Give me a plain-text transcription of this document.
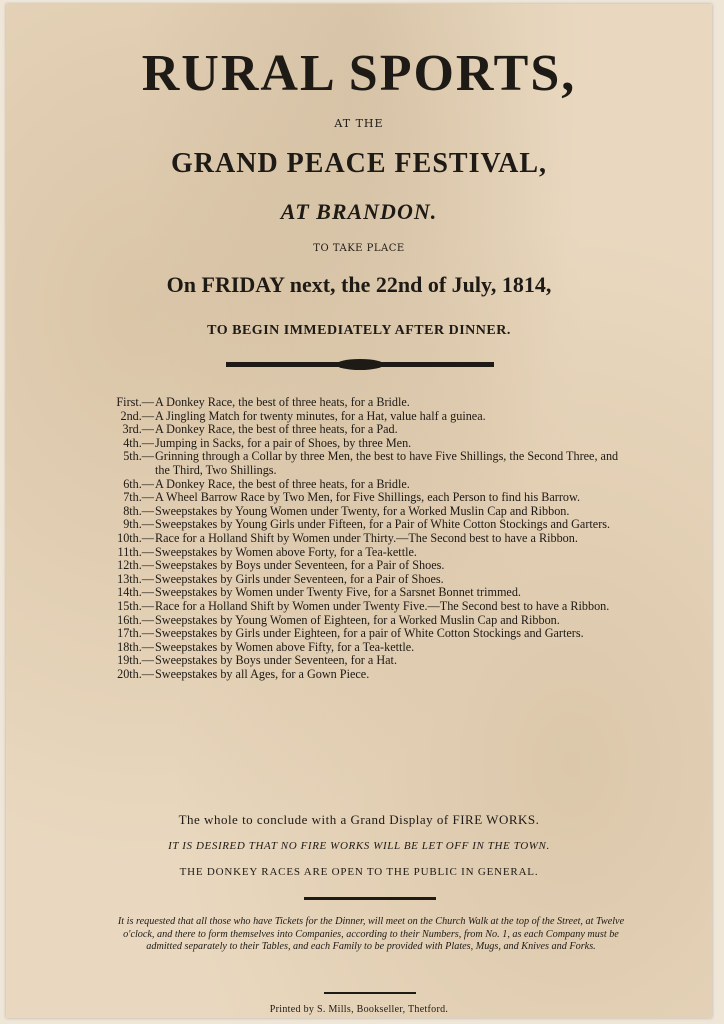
RURAL SPORTS,
AT THE
GRAND PEACE FESTIVAL,
AT BRANDON.
TO TAKE PLACE
On FRIDAY next, the 22nd of July, 1814,
TO BEGIN IMMEDIATELY AFTER DINNER.
First.— A Donkey Race, the best of three heats, for a Bridle.
2nd.— A Jingling Match for twenty minutes, for a Hat, value half a guinea.
3rd.— A Donkey Race, the best of three heats, for a Pad.
4th.— Jumping in Sacks, for a pair of Shoes, by three Men.
5th.— Grinning through a Collar by three Men, the best to have Five Shillings, the Second Three, and the Third, Two Shillings.
6th.— A Donkey Race, the best of three heats, for a Bridle.
7th.— A Wheel Barrow Race by Two Men, for Five Shillings, each Person to find his Barrow.
8th.— Sweepstakes by Young Women under Twenty, for a Worked Muslin Cap and Ribbon.
9th.— Sweepstakes by Young Girls under Fifteen, for a Pair of White Cotton Stockings and Garters.
10th.— Race for a Holland Shift by Women under Thirty.—The Second best to have a Ribbon.
11th.— Sweepstakes by Women above Forty, for a Tea-kettle.
12th.— Sweepstakes by Boys under Seventeen, for a Pair of Shoes.
13th.— Sweepstakes by Girls under Seventeen, for a Pair of Shoes.
14th.— Sweepstakes by Women under Twenty Five, for a Sarsnet Bonnet trimmed.
15th.— Race for a Holland Shift by Women under Twenty Five.—The Second best to have a Ribbon.
16th.— Sweepstakes by Young Women of Eighteen, for a Worked Muslin Cap and Ribbon.
17th.— Sweepstakes by Girls under Eighteen, for a pair of White Cotton Stockings and Garters.
18th.— Sweepstakes by Women above Fifty, for a Tea-kettle.
19th.— Sweepstakes by Boys under Seventeen, for a Hat.
20th.— Sweepstakes by all Ages, for a Gown Piece.
The whole to conclude with a Grand Display of FIRE WORKS.
IT IS DESIRED THAT NO FIRE WORKS WILL BE LET OFF IN THE TOWN.
THE DONKEY RACES ARE OPEN TO THE PUBLIC IN GENERAL.
It is requested that all those who have Tickets for the Dinner, will meet on the Church Walk at the top of the Street, at Twelve o'clock, and there to form themselves into Companies, according to their Numbers, from No. 1, as each Company must be admitted separately to their Tables, and each Family to be provided with Plates, Mugs, and Knives and Forks.
Printed by S. Mills, Bookseller, Thetford.
